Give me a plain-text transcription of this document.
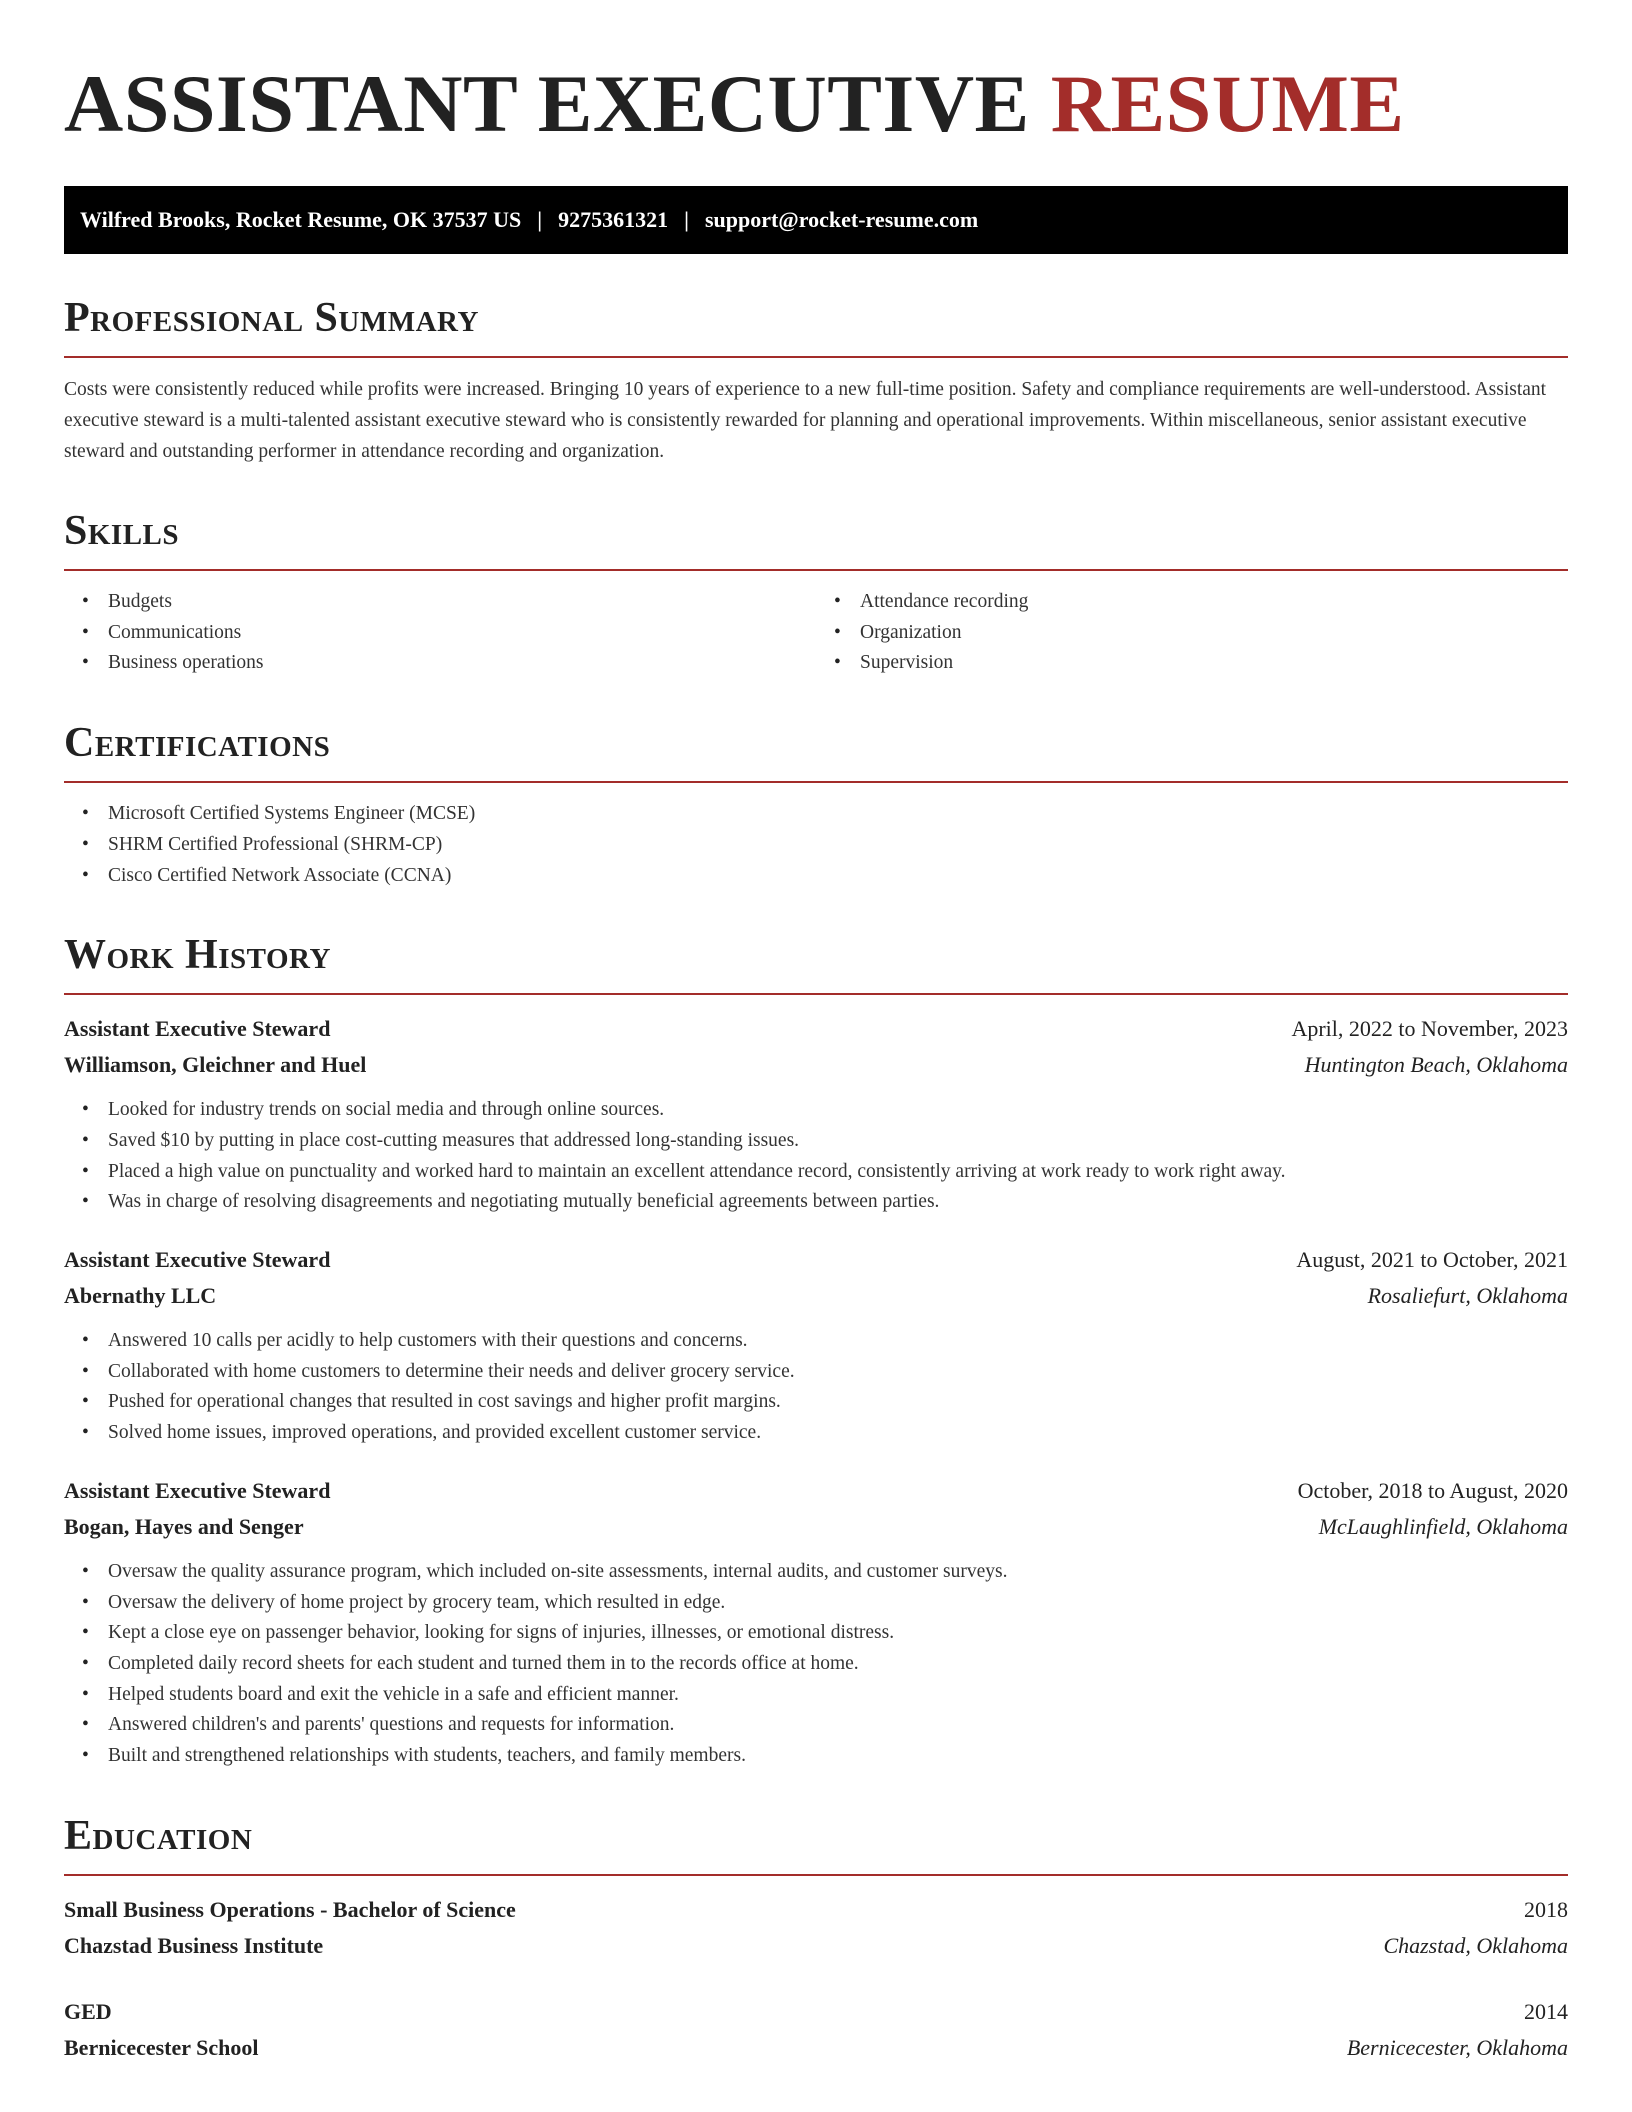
ASSISTANT EXECUTIVE RESUME
Wilfred Brooks, Rocket Resume, OK 37537 US | 9275361321 | support@rocket-resume.com
Professional Summary

Costs were consistently reduced while profits were increased. Bringing 10 years of experience to a new full-time position. Safety and compliance requirements are well-understood. Assistant executive steward is a multi-talented assistant executive steward who is consistently rewarded for planning and operational improvements. Within miscellaneous, senior assistant executive steward and outstanding performer in attendance recording and organization.

Skills
• Budgets
• Communications
• Business operations
• Attendance recording
• Organization
• Supervision
Certifications
• Microsoft Certified Systems Engineer (MCSE)
• SHRM Certified Professional (SHRM-CP)
• Cisco Certified Network Associate (CCNA)
Work History
Assistant Executive Steward	April, 2022 to November, 2023
Williamson, Gleichner and Huel	Huntington Beach, Oklahoma
• Looked for industry trends on social media and through online sources.
• Saved $10 by putting in place cost-cutting measures that addressed long-standing issues.
• Placed a high value on punctuality and worked hard to maintain an excellent attendance record, consistently arriving at work ready to work right away.
• Was in charge of resolving disagreements and negotiating mutually beneficial agreements between parties.
Assistant Executive Steward	August, 2021 to October, 2021
Abernathy LLC	Rosaliefurt, Oklahoma
• Answered 10 calls per acidly to help customers with their questions and concerns.
• Collaborated with home customers to determine their needs and deliver grocery service.
• Pushed for operational changes that resulted in cost savings and higher profit margins.
• Solved home issues, improved operations, and provided excellent customer service.
Assistant Executive Steward	October, 2018 to August, 2020
Bogan, Hayes and Senger	McLaughlinfield, Oklahoma
• Oversaw the quality assurance program, which included on-site assessments, internal audits, and customer surveys.
• Oversaw the delivery of home project by grocery team, which resulted in edge.
• Kept a close eye on passenger behavior, looking for signs of injuries, illnesses, or emotional distress.
• Completed daily record sheets for each student and turned them in to the records office at home.
• Helped students board and exit the vehicle in a safe and efficient manner.
• Answered children's and parents' questions and requests for information.
• Built and strengthened relationships with students, teachers, and family members.
Education
Small Business Operations - Bachelor of Science	2018
Chazstad Business Institute	Chazstad, Oklahoma
GED	2014
Bernicecester School	Bernicecester, Oklahoma
